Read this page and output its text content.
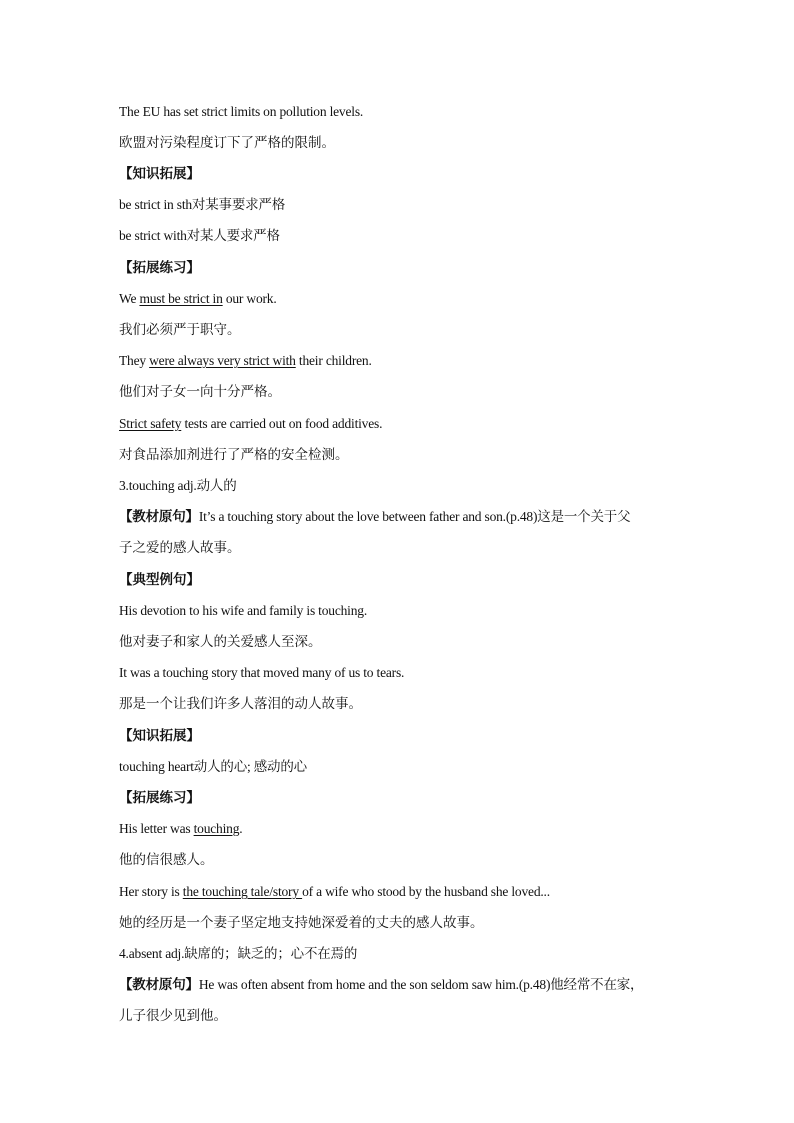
The EU has set strict limits on pollution levels.
欧盟对污染程度订下了严格的限制。
【知识拓展】
be strict in sth对某事要求严格
be strict with对某人要求严格
【拓展练习】
We must be strict in our work.
我们必须严于职守。
They were always very strict with their children.
他们对子女一向十分严格。
Strict safety tests are carried out on food additives.
对食品添加剂进行了严格的安全检测。
3.touching adj.动人的
【教材原句】It’s a touching story about the love between father and son.(p.48)这是一个关于父
子之爱的感人故事。
【典型例句】
His devotion to his wife and family is touching.
他对妻子和家人的关爱感人至深。
It was a touching story that moved many of us to tears.
那是一个让我们许多人落泪的动人故事。
【知识拓展】
touching heart动人的心; 感动的心
【拓展练习】
His letter was touching.
他的信很感人。
Her story is the touching tale/story of a wife who stood by the husband she loved...
她的经历是一个妻子坚定地支持她深爱着的丈夫的感人故事。
4.absent adj.缺席的；缺乏的；心不在焉的
【教材原句】He was often absent from home and the son seldom saw him.(p.48)他经常不在家，
儿子很少见到他。
